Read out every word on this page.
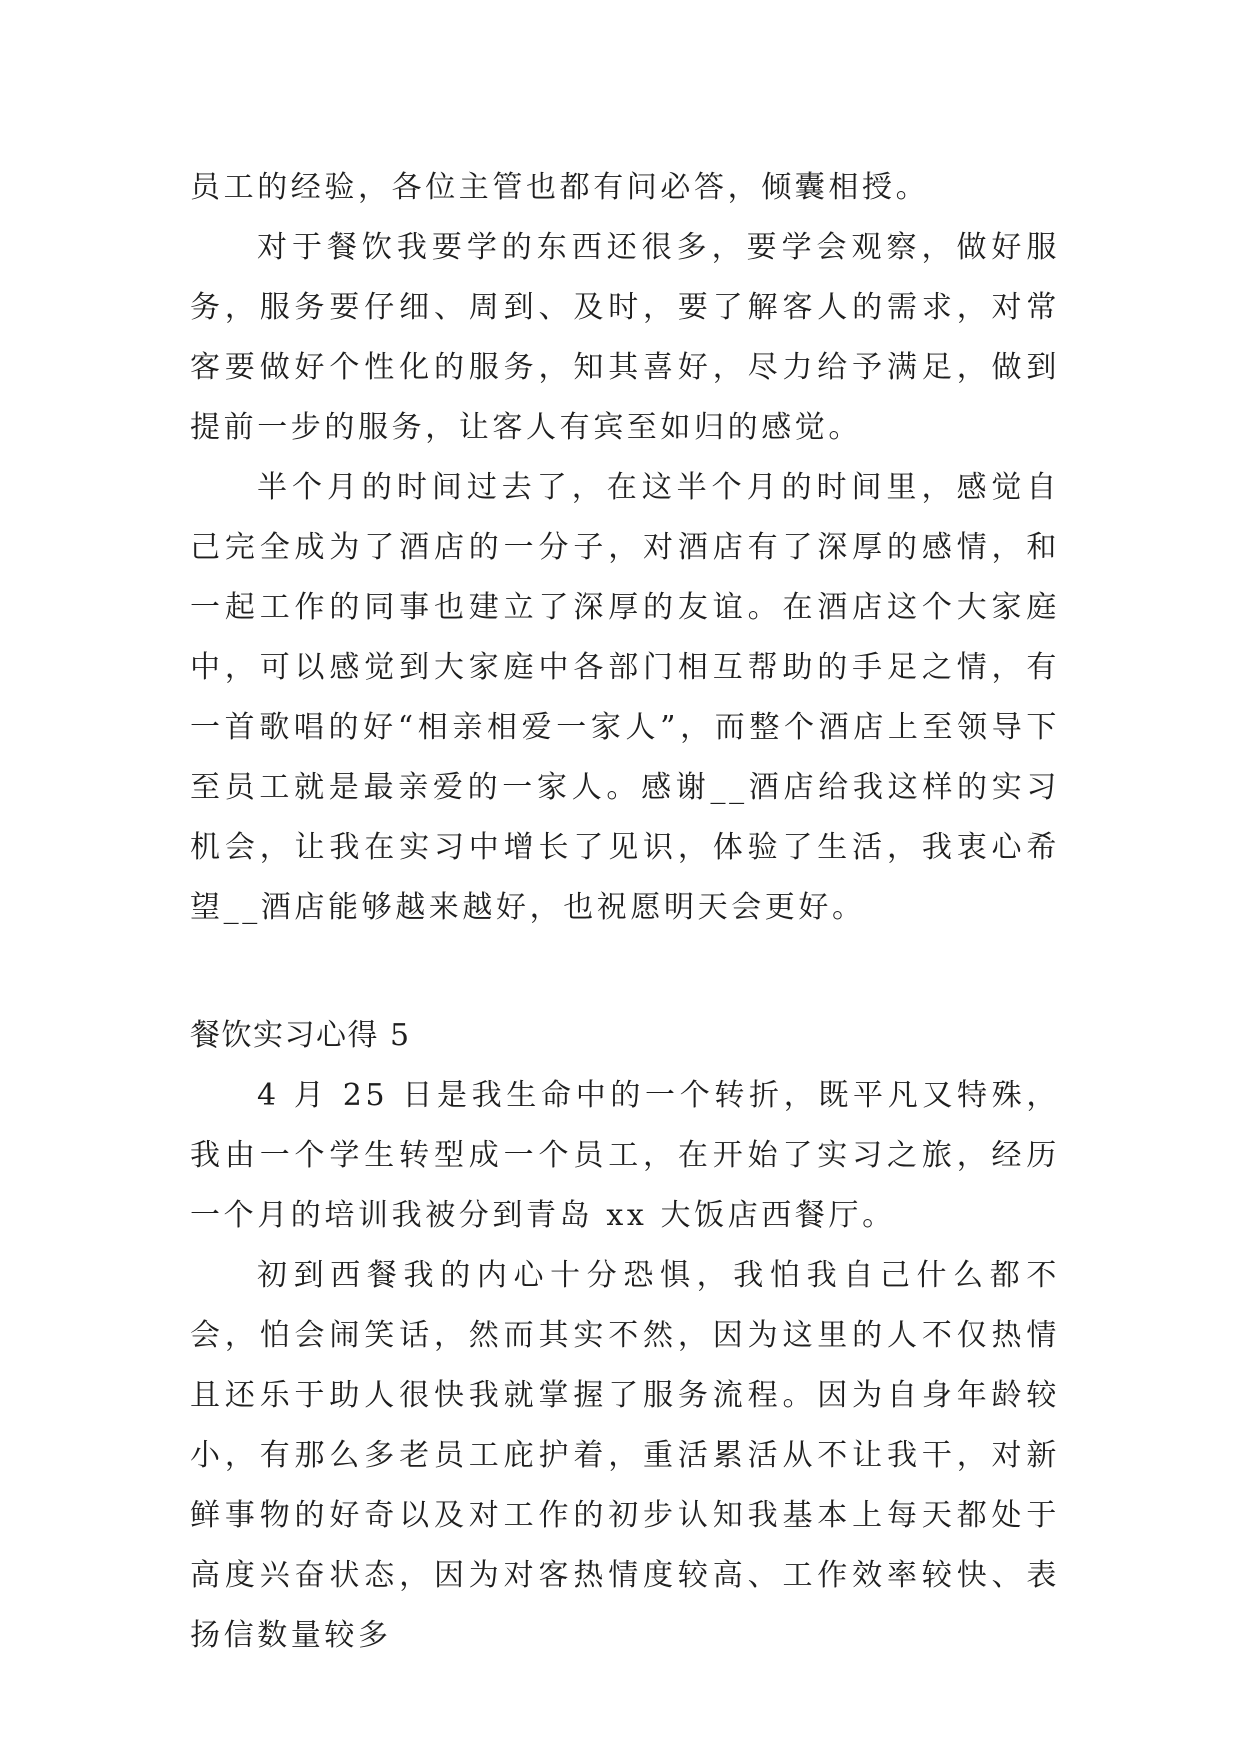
员工的经验，各位主管也都有问必答，倾囊相授。

对于餐饮我要学的东西还很多，要学会观察，做好服务，服务要仔细、周到、及时，要了解客人的需求，对常客要做好个性化的服务，知其喜好，尽力给予满足，做到提前一步的服务，让客人有宾至如归的感觉。

半个月的时间过去了，在这半个月的时间里，感觉自己完全成为了酒店的一分子，对酒店有了深厚的感情，和一起工作的同事也建立了深厚的友谊。在酒店这个大家庭中，可以感觉到大家庭中各部门相互帮助的手足之情，有一首歌唱的好“相亲相爱一家人”，而整个酒店上至领导下至员工就是最亲爱的一家人。感谢__酒店给我这样的实习机会，让我在实习中增长了见识，体验了生活，我衷心希望__酒店能够越来越好，也祝愿明天会更好。

餐饮实习心得 5

4 月 25 日是我生命中的一个转折，既平凡又特殊，我由一个学生转型成一个员工，在开始了实习之旅，经历一个月的培训我被分到青岛 xx 大饭店西餐厅。

初到西餐我的内心十分恐惧，我怕我自己什么都不会，怕会闹笑话，然而其实不然，因为这里的人不仅热情且还乐于助人很快我就掌握了服务流程。因为自身年龄较小，有那么多老员工庇护着，重活累活从不让我干，对新鲜事物的好奇以及对工作的初步认知我基本上每天都处于高度兴奋状态，因为对客热情度较高、工作效率较快、表扬信数量较多
